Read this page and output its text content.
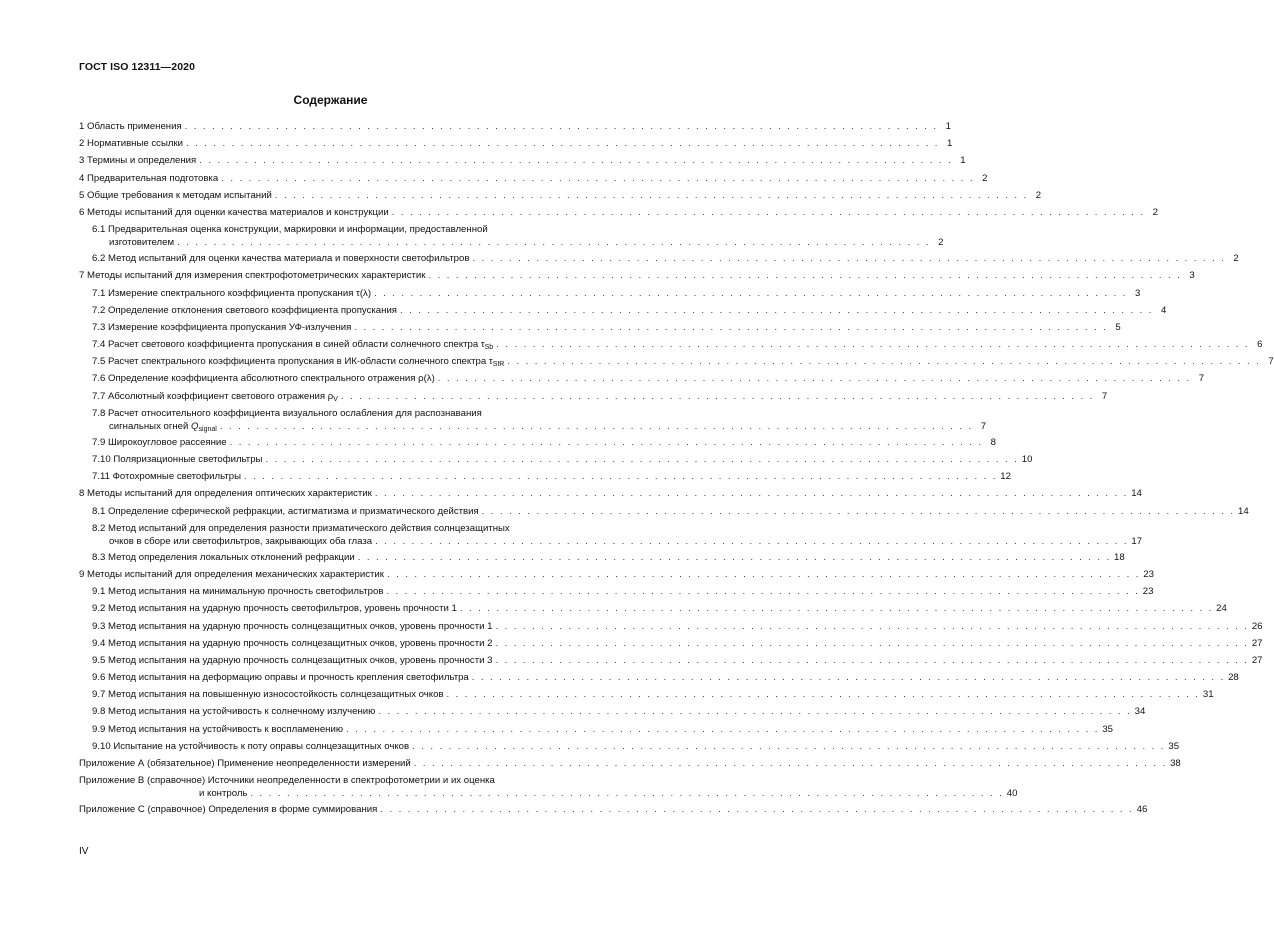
ГОСТ ISO 12311—2020
Содержание
1 Область применения . . . . . . . . . . . . . . . . . . . . . . . . . . . . . . . . . . . . . . . . . . . . . . . . . . . . . . . . . . . . . . . . . . . . . . . . . . . . . . . . . . . 1
2 Нормативные ссылки . . . . . . . . . . . . . . . . . . . . . . . . . . . . . . . . . . . . . . . . . . . . . . . . . . . . . . . . . . . . . . . . . . . . . . . . . . . . . . . . . . . 1
3 Термины и определения . . . . . . . . . . . . . . . . . . . . . . . . . . . . . . . . . . . . . . . . . . . . . . . . . . . . . . . . . . . . . . . . . . . . . . . . . . . . . . . . . . . 1
4 Предварительная подготовка . . . . . . . . . . . . . . . . . . . . . . . . . . . . . . . . . . . . . . . . . . . . . . . . . . . . . . . . . . . . . . . . . . . . . . . . . . . . . . . . . . . 2
5 Общие требования к методам испытаний . . . . . . . . . . . . . . . . . . . . . . . . . . . . . . . . . . . . . . . . . . . . . . . . . . . . . . . . . . . . . . . . . . . . . . . . . . . . . . . . . . . 2
6 Методы испытаний для оценки качества материалов и конструкции . . . . . . . . . . . . . . . . . . . . . . . . . . . . . . . . . . . . . . . . . . . . . . . . . . . . . . . . . . . . . . . . . . . . . . . . . . . . . . . . . . . 2
6.1 Предварительная оценка конструкции, маркировки и информации, предоставленной
изготовителем . . . . . . . . . . . . . . . . . . . . . . . . . . . . . . . . . . . . . . . . . . . . . . . . . . . . . . . . . . . . . . . . . . . . . . . . . . . . . . . . . . . 2
6.2 Метод испытаний для оценки качества материала и поверхности светофильтров . . . . . . . . . . . . . . . . . . . . . . . . . . . . . . . . . . . . . . . . . . . . . . . . . . . . . . . . . . . . . . . . . . . . . . . . . . . . . . . . . . . 2
7 Методы испытаний для измерения спектрофотометрических характеристик . . . . . . . . . . . . . . . . . . . . . . . . . . . . . . . . . . . . . . . . . . . . . . . . . . . . . . . . . . . . . . . . . . . . . . . . . . . . . . . . . . . 3
7.1 Измерение спектрального коэффициента пропускания τ(λ) . . . . . . . . . . . . . . . . . . . . . . . . . . . . . . . . . . . . . . . . . . . . . . . . . . . . . . . . . . . . . . . . . . . . . . . . . . . . . . . . . . . 3
7.2 Определение отклонения светового коэффициента пропускания . . . . . . . . . . . . . . . . . . . . . . . . . . . . . . . . . . . . . . . . . . . . . . . . . . . . . . . . . . . . . . . . . . . . . . . . . . . . . . . . . . . 4
7.3 Измерение коэффициента пропускания УФ-излучения . . . . . . . . . . . . . . . . . . . . . . . . . . . . . . . . . . . . . . . . . . . . . . . . . . . . . . . . . . . . . . . . . . . . . . . . . . . . . . . . . . . 5
7.4 Расчет светового коэффициента пропускания в синей области солнечного спектра $\tau_{Sb}$ . . . . . . . . . . . . . . . . . . . . . . . . . . . . . . . . . . . . . . . . . . . . . . . . . . . . . . . . . . . . . . . . . . . . . . . . . . . . . . . . . . . 6
7.5 Расчет спектрального коэффициента пропускания в ИК-области солнечного спектра $\tau_{SIR}$ . . . . . . . . . . . . . . . . . . . . . . . . . . . . . . . . . . . . . . . . . . . . . . . . . . . . . . . . . . . . . . . . . . . . . . . . . . . . . . . . . . . 7
7.6 Определение коэффициента абсолютного спектрального отражения ρ(λ) . . . . . . . . . . . . . . . . . . . . . . . . . . . . . . . . . . . . . . . . . . . . . . . . . . . . . . . . . . . . . . . . . . . . . . . . . . . . . . . . . . . 7
7.7 Абсолютный коэффициент светового отражения $\rho_V$ . . . . . . . . . . . . . . . . . . . . . . . . . . . . . . . . . . . . . . . . . . . . . . . . . . . . . . . . . . . . . . . . . . . . . . . . . . . . . . . . . . . 7
7.8 Расчет относительного коэффициента визуального ослабления для распознавания
сигнальных огней $Q_{signal}$ . . . . . . . . . . . . . . . . . . . . . . . . . . . . . . . . . . . . . . . . . . . . . . . . . . . . . . . . . . . . . . . . . . . . . . . . . . . . . . . . . . . 7
7.9 Широкоугловое рассеяние . . . . . . . . . . . . . . . . . . . . . . . . . . . . . . . . . . . . . . . . . . . . . . . . . . . . . . . . . . . . . . . . . . . . . . . . . . . . . . . . . . . 8
7.10 Поляризационные светофильтры . . . . . . . . . . . . . . . . . . . . . . . . . . . . . . . . . . . . . . . . . . . . . . . . . . . . . . . . . . . . . . . . . . . . . . . . . . . . . . . . . . . 10
7.11 Фотохромные светофильтры . . . . . . . . . . . . . . . . . . . . . . . . . . . . . . . . . . . . . . . . . . . . . . . . . . . . . . . . . . . . . . . . . . . . . . . . . . . . . . . . . . . 12
8 Методы испытаний для определения оптических характеристик . . . . . . . . . . . . . . . . . . . . . . . . . . . . . . . . . . . . . . . . . . . . . . . . . . . . . . . . . . . . . . . . . . . . . . . . . . . . . . . . . . . 14
8.1 Определение сферической рефракции, астигматизма и призматического действия . . . . . . . . . . . . . . . . . . . . . . . . . . . . . . . . . . . . . . . . . . . . . . . . . . . . . . . . . . . . . . . . . . . . . . . . . . . . . . . . . . . 14
8.2 Метод испытаний для определения разности призматического действия солнцезащитных
очков в сборе или светофильтров, закрывающих оба глаза . . . . . . . . . . . . . . . . . . . . . . . . . . . . . . . . . . . . . . . . . . . . . . . . . . . . . . . . . . . . . . . . . . . . . . . . . . . . . . . . . . . 17
8.3 Метод определения локальных отклонений рефракции . . . . . . . . . . . . . . . . . . . . . . . . . . . . . . . . . . . . . . . . . . . . . . . . . . . . . . . . . . . . . . . . . . . . . . . . . . . . . . . . . . . 18
9 Методы испытаний для определения механических характеристик . . . . . . . . . . . . . . . . . . . . . . . . . . . . . . . . . . . . . . . . . . . . . . . . . . . . . . . . . . . . . . . . . . . . . . . . . . . . . . . . . . . 23
9.1 Метод испытания на минимальную прочность светофильтров . . . . . . . . . . . . . . . . . . . . . . . . . . . . . . . . . . . . . . . . . . . . . . . . . . . . . . . . . . . . . . . . . . . . . . . . . . . . . . . . . . . 23
9.2 Метод испытания на ударную прочность светофильтров, уровень прочности 1 . . . . . . . . . . . . . . . . . . . . . . . . . . . . . . . . . . . . . . . . . . . . . . . . . . . . . . . . . . . . . . . . . . . . . . . . . . . . . . . . . . . 24
9.3 Метод испытания на ударную прочность солнцезащитных очков, уровень прочности 1 . . . . . . . . . . . . . . . . . . . . . . . . . . . . . . . . . . . . . . . . . . . . . . . . . . . . . . . . . . . . . . . . . . . . . . . . . . . . . . . . . . . 26
9.4 Метод испытания на ударную прочность солнцезащитных очков, уровень прочности 2 . . . . . . . . . . . . . . . . . . . . . . . . . . . . . . . . . . . . . . . . . . . . . . . . . . . . . . . . . . . . . . . . . . . . . . . . . . . . . . . . . . . 27
9.5 Метод испытания на ударную прочность солнцезащитных очков, уровень прочности 3 . . . . . . . . . . . . . . . . . . . . . . . . . . . . . . . . . . . . . . . . . . . . . . . . . . . . . . . . . . . . . . . . . . . . . . . . . . . . . . . . . . . 27
9.6 Метод испытания на деформацию оправы и прочность крепления светофильтра . . . . . . . . . . . . . . . . . . . . . . . . . . . . . . . . . . . . . . . . . . . . . . . . . . . . . . . . . . . . . . . . . . . . . . . . . . . . . . . . . . . 28
9.7 Метод испытания на повышенную износостойкость солнцезащитных очков . . . . . . . . . . . . . . . . . . . . . . . . . . . . . . . . . . . . . . . . . . . . . . . . . . . . . . . . . . . . . . . . . . . . . . . . . . . . . . . . . . . 31
9.8 Метод испытания на устойчивость к солнечному излучению . . . . . . . . . . . . . . . . . . . . . . . . . . . . . . . . . . . . . . . . . . . . . . . . . . . . . . . . . . . . . . . . . . . . . . . . . . . . . . . . . . . 34
9.9 Метод испытания на устойчивость к воспламенению . . . . . . . . . . . . . . . . . . . . . . . . . . . . . . . . . . . . . . . . . . . . . . . . . . . . . . . . . . . . . . . . . . . . . . . . . . . . . . . . . . . 35
9.10 Испытание на устойчивость к поту оправы солнцезащитных очков . . . . . . . . . . . . . . . . . . . . . . . . . . . . . . . . . . . . . . . . . . . . . . . . . . . . . . . . . . . . . . . . . . . . . . . . . . . . . . . . . . . 35
Приложение А (обязательное) Применение неопределенности измерений . . . . . . . . . . . . . . . . . . . . . . . . . . . . . . . . . . . . . . . . . . . . . . . . . . . . . . . . . . . . . . . . . . . . . . . . . . . . . . . . . . . 38
Приложение В (справочное) Источники неопределенности в спектрофотометрии и их оценка
и контроль . . . . . . . . . . . . . . . . . . . . . . . . . . . . . . . . . . . . . . . . . . . . . . . . . . . . . . . . . . . . . . . . . . . . . . . . . . . . . . . . . . . 40
Приложение С (справочное) Определения в форме суммирования . . . . . . . . . . . . . . . . . . . . . . . . . . . . . . . . . . . . . . . . . . . . . . . . . . . . . . . . . . . . . . . . . . . . . . . . . . . . . . . . . . . 46
IV
